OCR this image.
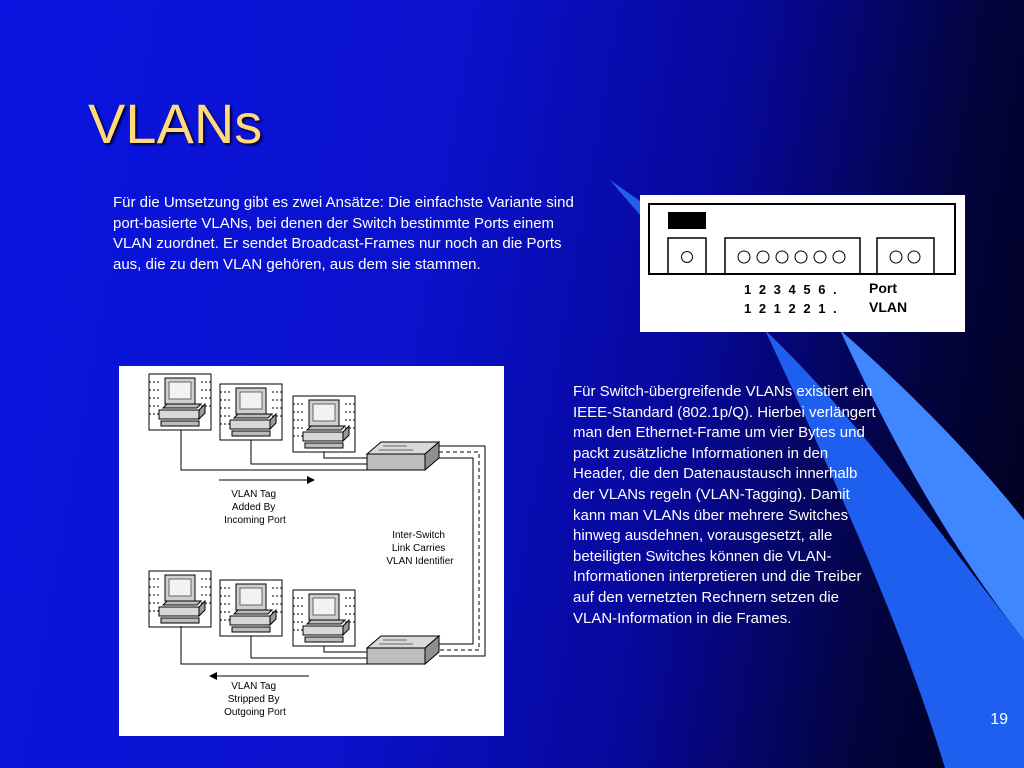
VLANs
Für die Umsetzung gibt es zwei Ansätze: Die einfachste Variante sind port-basierte VLANs, bei denen der Switch bestimmte Ports einem VLAN zuordnet. Er sendet Broadcast-Frames nur noch an die Ports aus, die zu dem VLAN gehören, aus dem sie stammen.
1 2 3 4 5 6 .
1 2 1 2 2 1 .
Port
VLAN
VLAN Tag Added By Incoming Port
Inter-Switch Link Carries VLAN Identifier
VLAN Tag Stripped By Outgoing Port
Für Switch-übergreifende VLANs existiert ein IEEE-Standard (802.1p/Q). Hierbei verlängert man den Ethernet-Frame um vier Bytes und packt zusätzliche Informationen in den Header, die den Datenaustausch innerhalb der VLANs regeln (VLAN-Tagging). Damit kann man VLANs über mehrere Switches hinweg ausdehnen, vorausgesetzt, alle beteiligten Switches können die VLAN-Informationen interpretieren und die Treiber auf den vernetzten Rechnern setzen die VLAN-Information in die Frames.
19
